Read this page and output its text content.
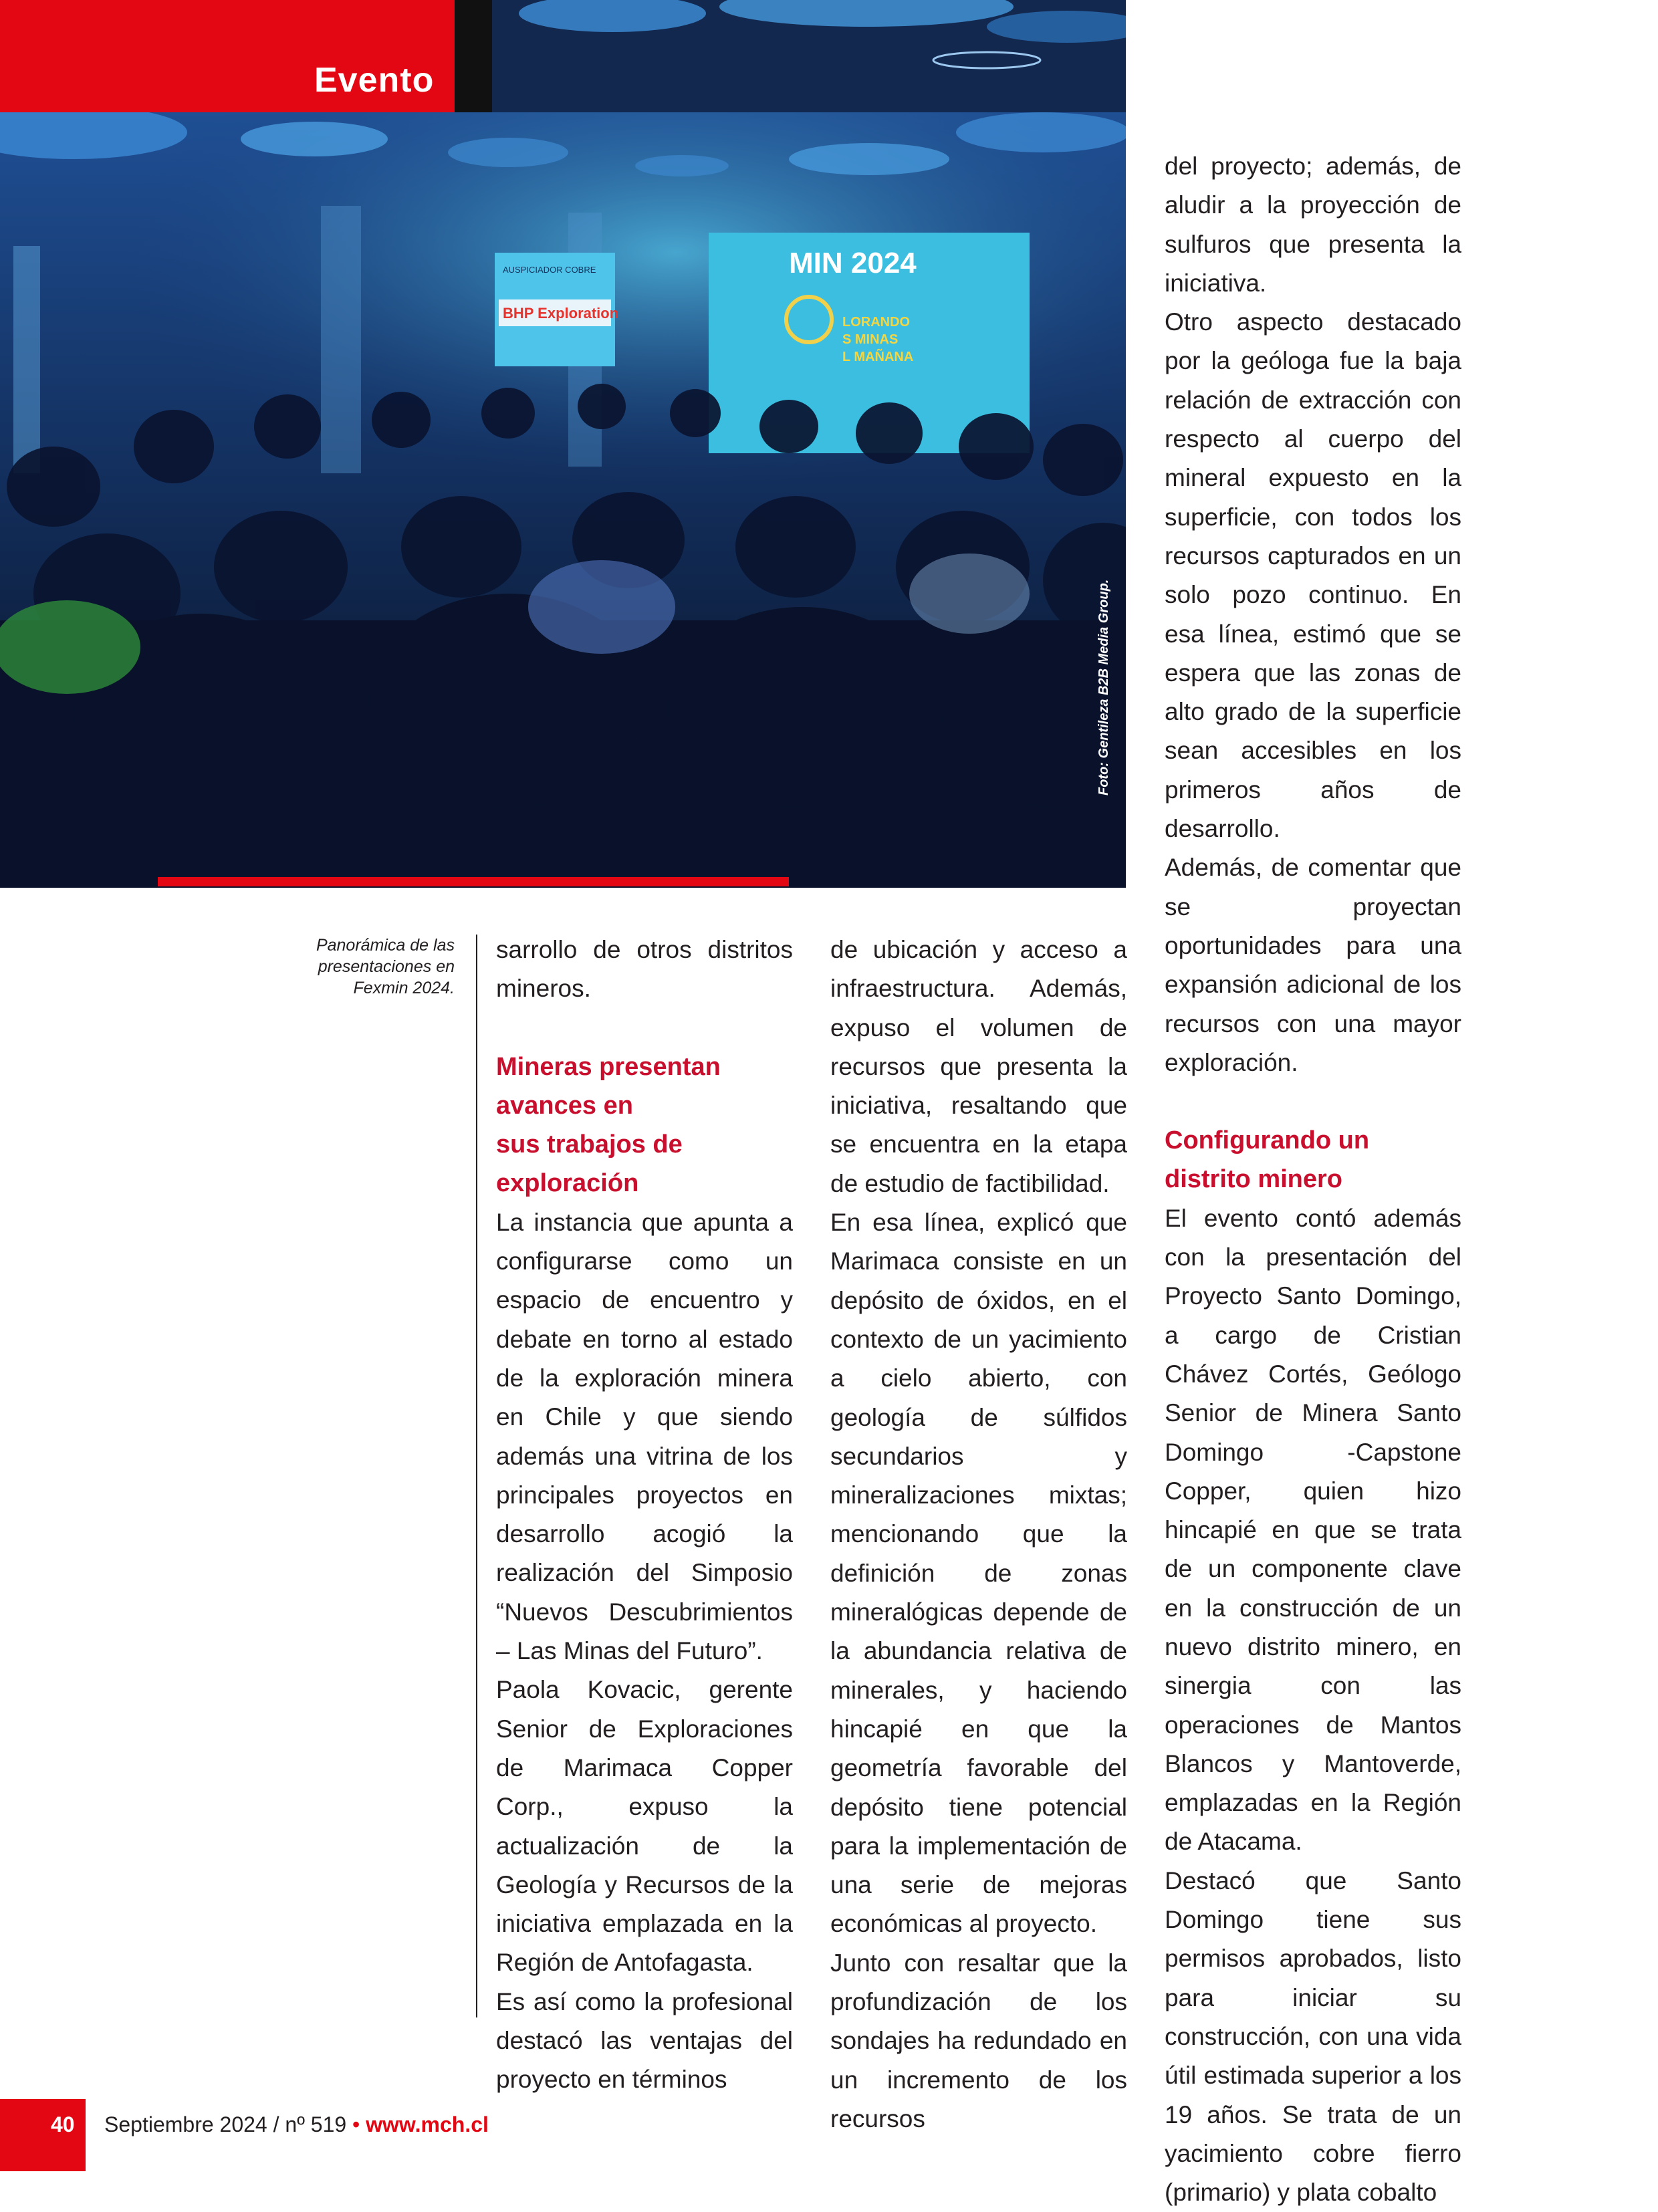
Evento
AUSPICIADOR COBRE
BHP Exploration
MIN 2024
LORANDO
S MINAS
L MAÑANA
Foto: Gentileza B2B Media Group.
Panorámica de las
presentaciones en
Fexmin 2024.

sarrollo de otros distritos mineros.

Mineras presentan
avances en
sus trabajos de
exploración

La instancia que apunta a configurarse como un espacio de encuentro y debate en torno al estado de la exploración minera en Chile y que siendo además una vitrina de los principales proyectos en desarrollo acogió la realización del Simposio “Nuevos Descubrimientos – Las Minas del Futuro”.

Paola Kovacic, gerente Senior de Exploraciones de Marimaca Copper Corp., expuso la actualización de la Geología y Recursos de la iniciativa emplazada en la Región de Antofagasta.

Es así como la profesional destacó las ventajas del proyecto en términos

de ubicación y acceso a infraestructura. Además, expuso el volumen de recursos que presenta la iniciativa, resaltando que se encuentra en la etapa de estudio de factibilidad.

En esa línea, explicó que Marimaca consiste en un depósito de óxidos, en el contexto de un yacimiento a cielo abierto, con geología de súlfidos secundarios y mineralizaciones mixtas; mencionando que la definición de zonas mineralógicas depende de la abundancia relativa de minerales, y haciendo hincapié en que la geometría favorable del depósito tiene potencial para la implementación de una serie de mejoras económicas al proyecto.

Junto con resaltar que la profundización de los sondajes ha redundado en un incremento de los recursos

del proyecto; además, de aludir a la proyección de sulfuros que presenta la iniciativa.

Otro aspecto destacado por la geóloga fue la baja relación de extracción con respecto al cuerpo del mineral expuesto en la superficie, con todos los recursos capturados en un solo pozo continuo. En esa línea, estimó que se espera que las zonas de alto grado de la superficie sean accesibles en los primeros años de desarrollo.

Además, de comentar que se proyectan oportunidades para una expansión adicional de los recursos con una mayor exploración.

Configurando un
distrito minero

El evento contó además con la presentación del Proyecto Santo Domingo, a cargo de Cristian Chávez Cortés, Geólogo Senior de Minera Santo Domingo -Capstone Copper, quien hizo hincapié en que se trata de un componente clave en la construcción de un nuevo distrito minero, en sinergia con las operaciones de Mantos Blancos y Mantoverde, emplazadas en la Región de Atacama.

Destacó que Santo Domingo tiene sus permisos aprobados, listo para iniciar su construcción, con una vida útil estimada superior a los 19 años. Se trata de un yacimiento cobre fierro (primario) y plata cobalto

40 Septiembre 2024 / nº 519 • www.mch.cl
